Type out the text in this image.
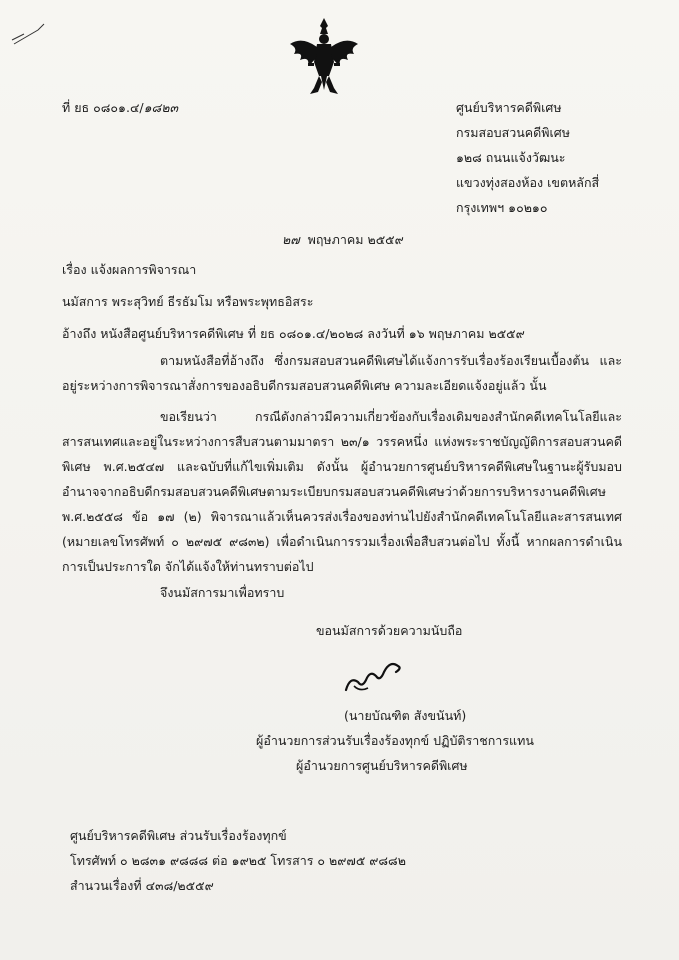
ที่ ยธ ๐๘๐๑.๔/๑๘๒๓	ศูนย์บริหารคดีพิเศษ
กรมสอบสวนคดีพิเศษ
๑๒๘ ถนนแจ้งวัฒนะ
แขวงทุ่งสองห้อง เขตหลักสี่
กรุงเทพฯ ๑๐๒๑๐
๒๗ พฤษภาคม ๒๕๕๙
เรื่อง แจ้งผลการพิจารณา
นมัสการ พระสุวิทย์ ธีรธัมโม หรือพระพุทธอิสระ
อ้างถึง หนังสือศูนย์บริหารคดีพิเศษ ที่ ยธ ๐๘๐๑.๔/๒๐๒๘ ลงวันที่ ๑๖ พฤษภาคม ๒๕๕๙
ตามหนังสือที่อ้างถึง ซึ่งกรมสอบสวนคดีพิเศษได้แจ้งการรับเรื่องร้องเรียนเบื้องต้น และอยู่ระหว่างการพิจารณาสั่งการของอธิบดีกรมสอบสวนคดีพิเศษ ความละเอียดแจ้งอยู่แล้ว นั้น
ขอเรียนว่า กรณีดังกล่าวมีความเกี่ยวข้องกับเรื่องเดิมของสำนักคดีเทคโนโลยีและสารสนเทศและอยู่ในระหว่างการสืบสวนตามมาตรา ๒๓/๑ วรรคหนึ่ง แห่งพระราชบัญญัติการสอบสวนคดีพิเศษ พ.ศ.๒๕๔๗ และฉบับที่แก้ไขเพิ่มเติม ดังนั้น ผู้อำนวยการศูนย์บริหารคดีพิเศษในฐานะผู้รับมอบอำนาจจากอธิบดีกรมสอบสวนคดีพิเศษตามระเบียบกรมสอบสวนคดีพิเศษว่าด้วยการบริหารงานคดีพิเศษ พ.ศ.๒๕๕๘ ข้อ ๑๗ (๒) พิจารณาแล้วเห็นควรส่งเรื่องของท่านไปยังสำนักคดีเทคโนโลยีและสารสนเทศ (หมายเลขโทรศัพท์ ๐ ๒๙๗๕ ๙๘๓๒) เพื่อดำเนินการรวมเรื่องเพื่อสืบสวนต่อไป ทั้งนี้ หากผลการดำเนินการเป็นประการใด จักได้แจ้งให้ท่านทราบต่อไป
จึงนมัสการมาเพื่อทราบ
ขอนมัสการด้วยความนับถือ
(นายบัณฑิต สังขนันท์)
ผู้อำนวยการส่วนรับเรื่องร้องทุกข์ ปฏิบัติราชการแทน
ผู้อำนวยการศูนย์บริหารคดีพิเศษ
ศูนย์บริหารคดีพิเศษ ส่วนรับเรื่องร้องทุกข์
โทรศัพท์ ๐ ๒๘๓๑ ๙๘๘๘ ต่อ ๑๙๒๕ โทรสาร ๐ ๒๙๗๕ ๙๘๘๒
สำนวนเรื่องที่ ๔๓๘/๒๕๕๙
